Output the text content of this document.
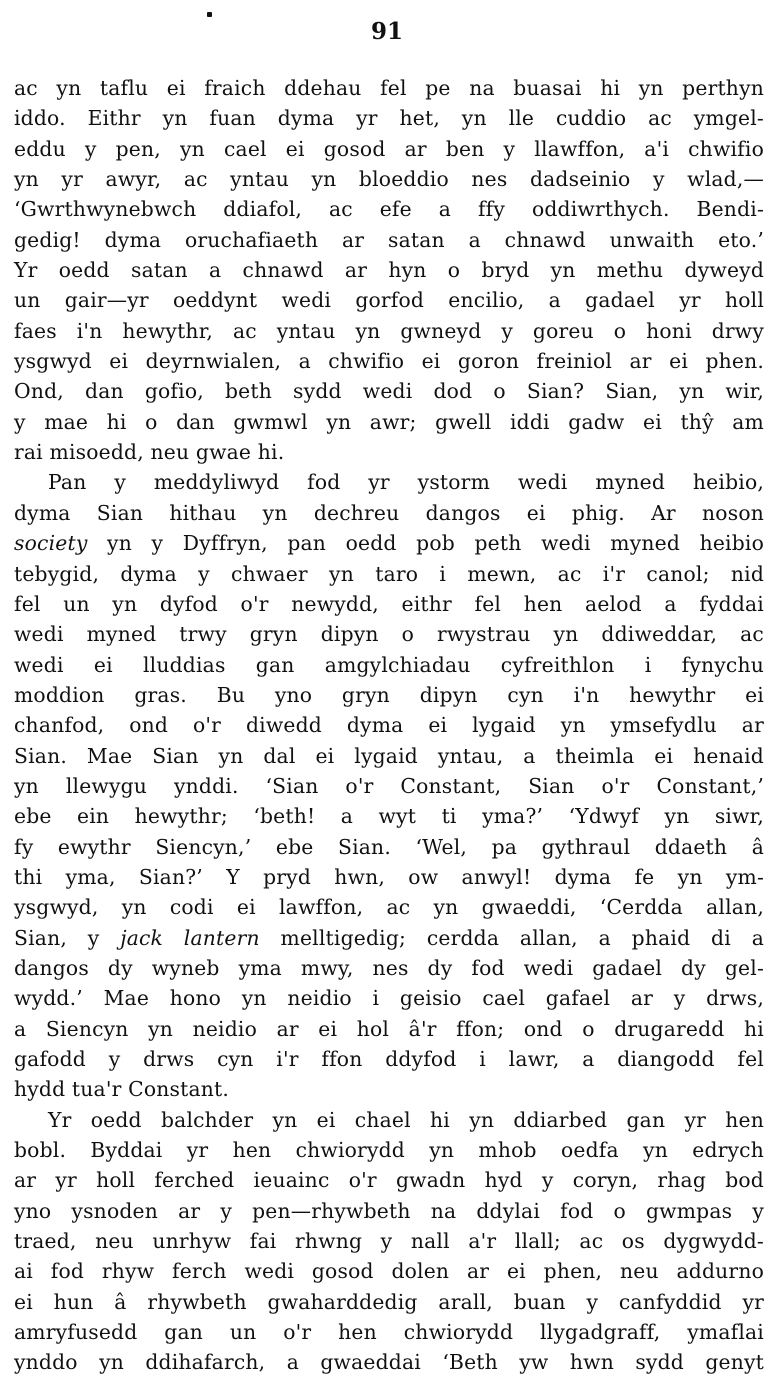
91
ac yn taflu ei fraich ddehau fel pe na buasai hi yn perthyn
iddo. Eithr yn fuan dyma yr het, yn lle cuddio ac ymgel-
eddu y pen, yn cael ei gosod ar ben y llawffon, a'i chwifio
yn yr awyr, ac yntau yn bloeddio nes dadseinio y wlad,—
‘Gwrthwynebwch ddiafol, ac efe a ffy oddiwrthych. Bendi-
gedig! dyma oruchafiaeth ar satan a chnawd unwaith eto.’
Yr oedd satan a chnawd ar hyn o bryd yn methu dyweyd
un gair—yr oeddynt wedi gorfod encilio, a gadael yr holl
faes i'n hewythr, ac yntau yn gwneyd y goreu o honi drwy
ysgwyd ei deyrnwialen, a chwifio ei goron freiniol ar ei phen.
Ond, dan gofio, beth sydd wedi dod o Sian? Sian, yn wir,
y mae hi o dan gwmwl yn awr; gwell iddi gadw ei thŷ am
rai misoedd, neu gwae hi.
Pan y meddyliwyd fod yr ystorm wedi myned heibio,
dyma Sian hithau yn dechreu dangos ei phig. Ar noson
society yn y Dyffryn, pan oedd pob peth wedi myned heibio
tebygid, dyma y chwaer yn taro i mewn, ac i'r canol; nid
fel un yn dyfod o'r newydd, eithr fel hen aelod a fyddai
wedi myned trwy gryn dipyn o rwystrau yn ddiweddar, ac
wedi ei lluddias gan amgylchiadau cyfreithlon i fynychu
moddion gras. Bu yno gryn dipyn cyn i'n hewythr ei
chanfod, ond o'r diwedd dyma ei lygaid yn ymsefydlu ar
Sian. Mae Sian yn dal ei lygaid yntau, a theimla ei henaid
yn llewygu ynddi. ‘Sian o'r Constant, Sian o'r Constant,’
ebe ein hewythr; ‘beth! a wyt ti yma?’ ‘Ydwyf yn siwr,
fy ewythr Siencyn,’ ebe Sian. ‘Wel, pa gythraul ddaeth â
thi yma, Sian?’ Y pryd hwn, ow anwyl! dyma fe yn ym-
ysgwyd, yn codi ei lawffon, ac yn gwaeddi, ‘Cerdda allan,
Sian, y jack lantern melltigedig; cerdda allan, a phaid di a
dangos dy wyneb yma mwy, nes dy fod wedi gadael dy gel-
wydd.’ Mae hono yn neidio i geisio cael gafael ar y drws,
a Siencyn yn neidio ar ei hol â'r ffon; ond o drugaredd hi
gafodd y drws cyn i'r ffon ddyfod i lawr, a diangodd fel
hydd tua'r Constant.
Yr oedd balchder yn ei chael hi yn ddiarbed gan yr hen
bobl. Byddai yr hen chwiorydd yn mhob oedfa yn edrych
ar yr holl ferched ieuainc o'r gwadn hyd y coryn, rhag bod
yno ysnoden ar y pen—rhywbeth na ddylai fod o gwmpas y
traed, neu unrhyw fai rhwng y nall a'r llall; ac os dygwydd-
ai fod rhyw ferch wedi gosod dolen ar ei phen, neu addurno
ei hun â rhywbeth gwaharddedig arall, buan y canfyddid yr
amryfusedd gan un o'r hen chwiorydd llygadgraff, ymaflai
ynddo yn ddihafarch, a gwaeddai ‘Beth yw hwn sydd genyt
